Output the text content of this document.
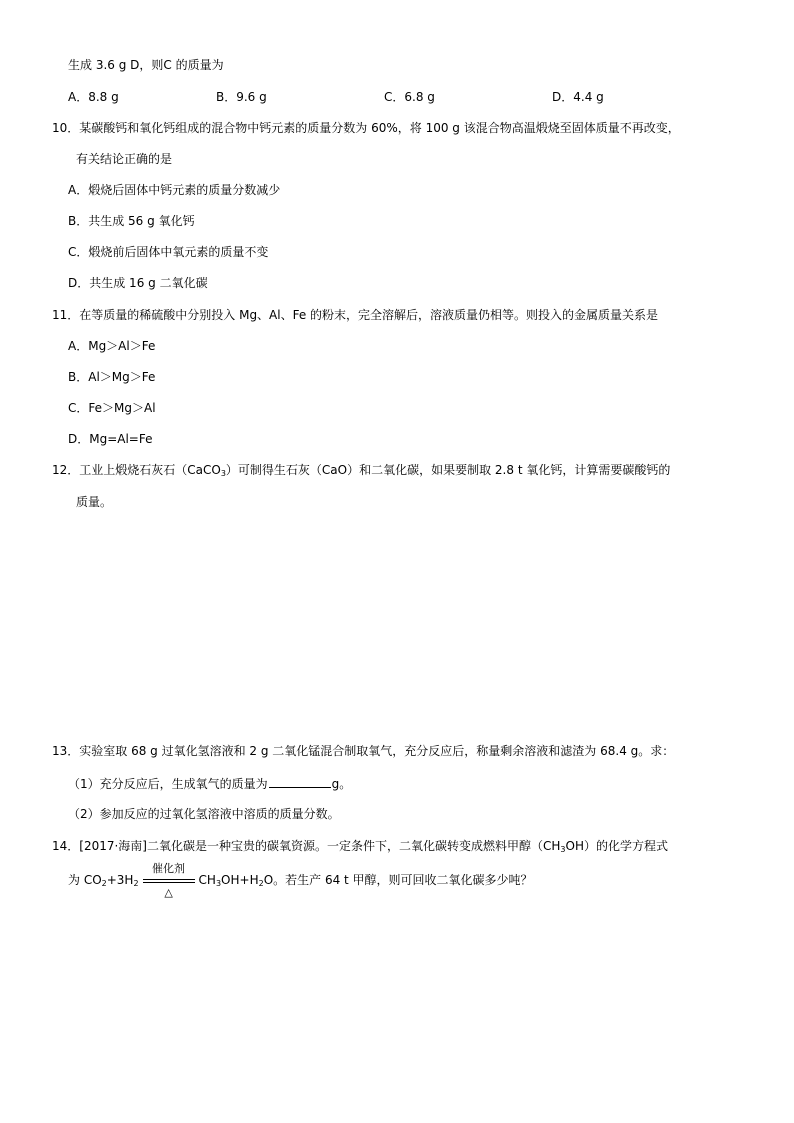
生成 3.6 g D，则C 的质量为
A．8.8 g	B．9.6 g	C．6.8 g	D．4.4 g
10．某碳酸钙和氧化钙组成的混合物中钙元素的质量分数为 60%，将 100 g 该混合物高温煅烧至固体质量不再改变，
有关结论正确的是
A．煅烧后固体中钙元素的质量分数减少
B．共生成 56 g 氧化钙
C．煅烧前后固体中氧元素的质量不变
D．共生成 16 g 二氧化碳
11．在等质量的稀硫酸中分别投入 Mg、Al、Fe 的粉末，完全溶解后，溶液质量仍相等。则投入的金属质量关系是
A．Mg＞Al＞Fe
B．Al＞Mg＞Fe
C．Fe＞Mg＞Al
D．Mg=Al=Fe
12．工业上煅烧石灰石（CaCO$_3$）可制得生石灰（CaO）和二氧化碳，如果要制取 2.8 t 氧化钙，计算需要碳酸钙的
质量。
13．实验室取 68 g 过氧化氢溶液和 2 g 二氧化锰混合制取氧气，充分反应后，称量剩余溶液和滤渣为 68.4 g。求：
（1）充分反应后，生成氧气的质量为	g。
（2）参加反应的过氧化氢溶液中溶质的质量分数。
14．[2017·海南]二氧化碳是一种宝贵的碳氧资源。一定条件下，二氧化碳转变成燃料甲醇$(CH_3OH)$的化学方程式
为 $CO_2+3H_2$
催化剂
△
$CH_3OH+H_2O$。若生产 64 t 甲醇，则可回收二氧化碳多少吨？
